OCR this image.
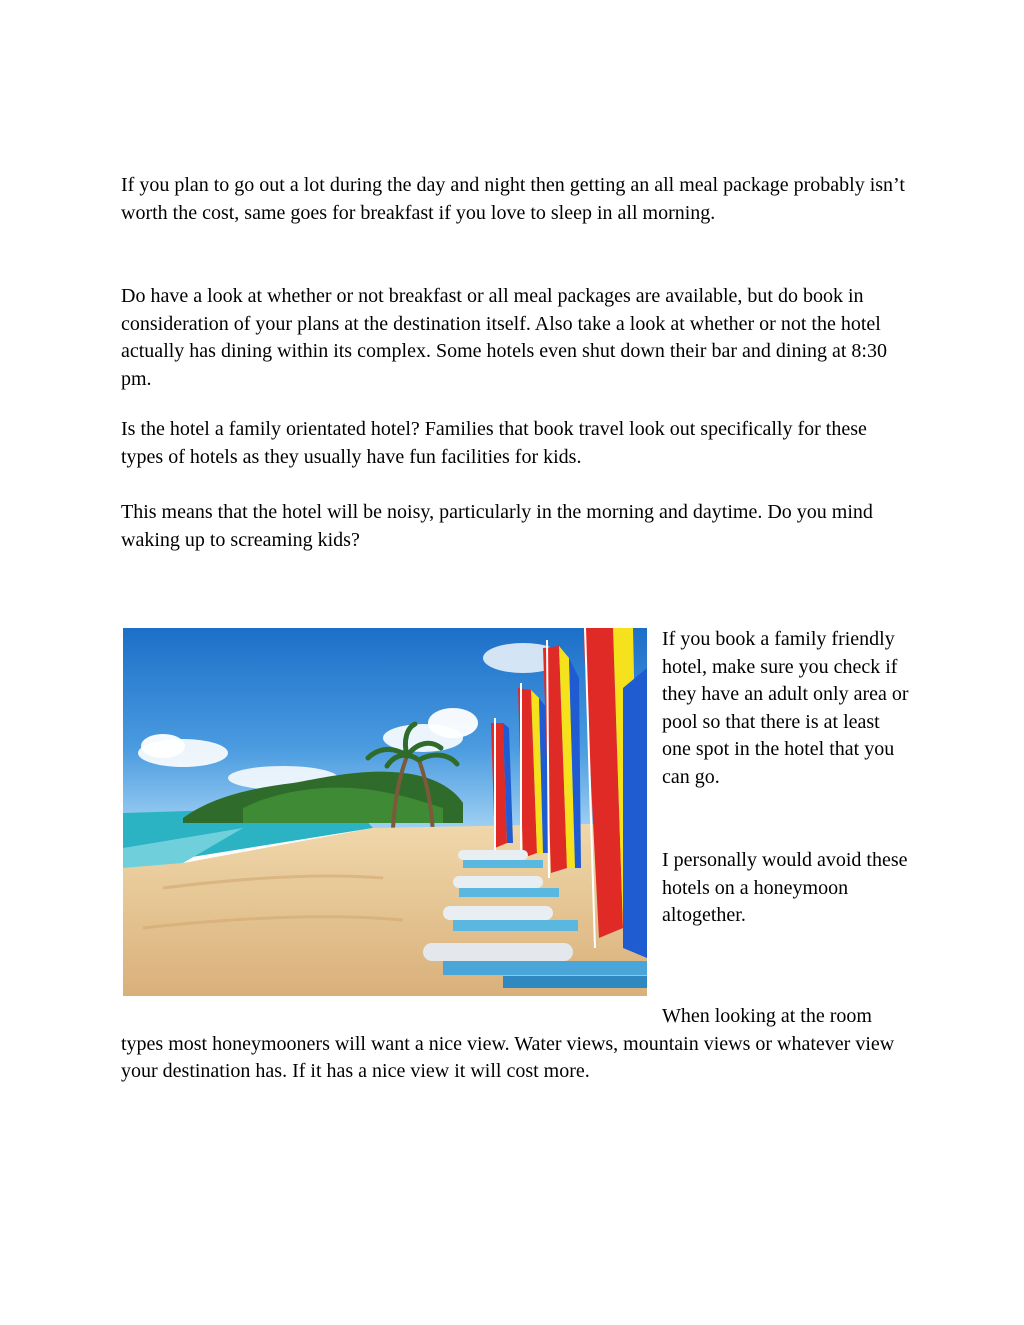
If you plan to go out a lot during the day and night then getting an all meal package probably isn’t worth the cost, same goes for breakfast if you love to sleep in all morning.

Do have a look at whether or not breakfast or all meal packages are available, but do book in consideration of your plans at the destination itself. Also take a look at whether or not the hotel actually has dining within its complex. Some hotels even shut down their bar and dining at 8:30 pm.

Is the hotel a family orientated hotel? Families that book travel look out specifically for these types of hotels as they usually have fun facilities for kids.

This means that the hotel will be noisy, particularly in the morning and daytime. Do you mind waking up to screaming kids?

If you book a family friendly hotel, make sure you check if they have an adult only area or pool so that there is at least one spot in the hotel that you can go.

I personally would avoid these hotels on a honeymoon altogether.

When looking at the room
types most honeymooners will want a nice view. Water views, mountain views or whatever view your destination has. If it has a nice view it will cost more.
